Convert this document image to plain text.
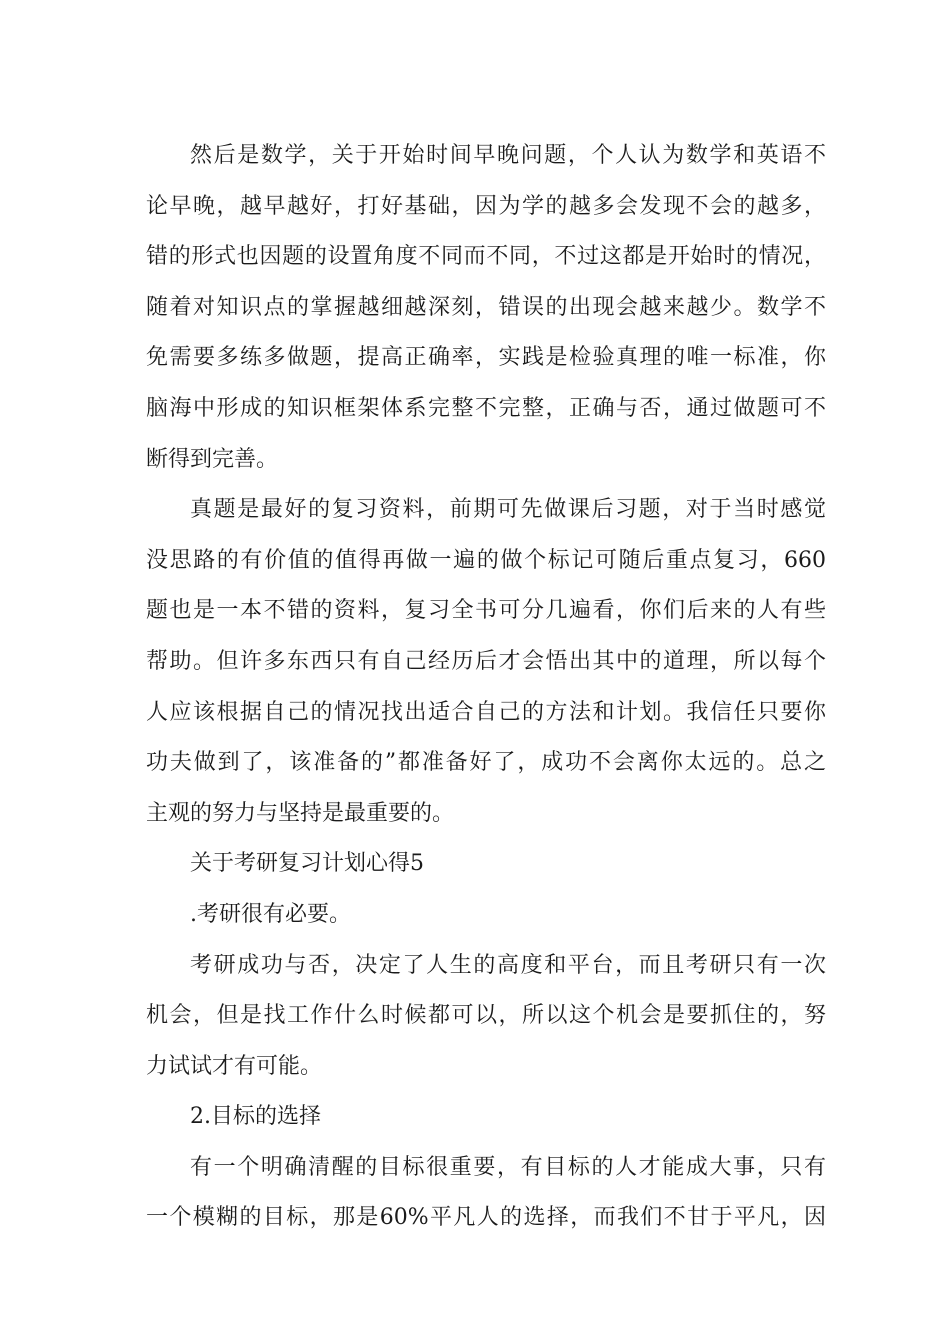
然后是数学，关于开始时间早晚问题，个人认为数学和英语不
论早晚，越早越好，打好基础，因为学的越多会发现不会的越多，
错的形式也因题的设置角度不同而不同，不过这都是开始时的情况，
随着对知识点的掌握越细越深刻，错误的出现会越来越少。数学不
免需要多练多做题，提高正确率，实践是检验真理的唯一标准，你
脑海中形成的知识框架体系完整不完整，正确与否，通过做题可不
断得到完善。
真题是最好的复习资料，前期可先做课后习题，对于当时感觉
没思路的有价值的值得再做一遍的做个标记可随后重点复习，660
题也是一本不错的资料，复习全书可分几遍看，你们后来的人有些
帮助。但许多东西只有自己经历后才会悟出其中的道理，所以每个
人应该根据自己的情况找出适合自己的方法和计划。我信任只要你
功夫做到了，该准备的”都准备好了，成功不会离你太远的。总之
主观的努力与坚持是最重要的。
关于考研复习计划心得5
.考研很有必要。
考研成功与否，决定了人生的高度和平台，而且考研只有一次
机会，但是找工作什么时候都可以，所以这个机会是要抓住的，努
力试试才有可能。
2.目标的选择
有一个明确清醒的目标很重要，有目标的人才能成大事，只有
一个模糊的目标，那是60%平凡人的选择，而我们不甘于平凡，因
